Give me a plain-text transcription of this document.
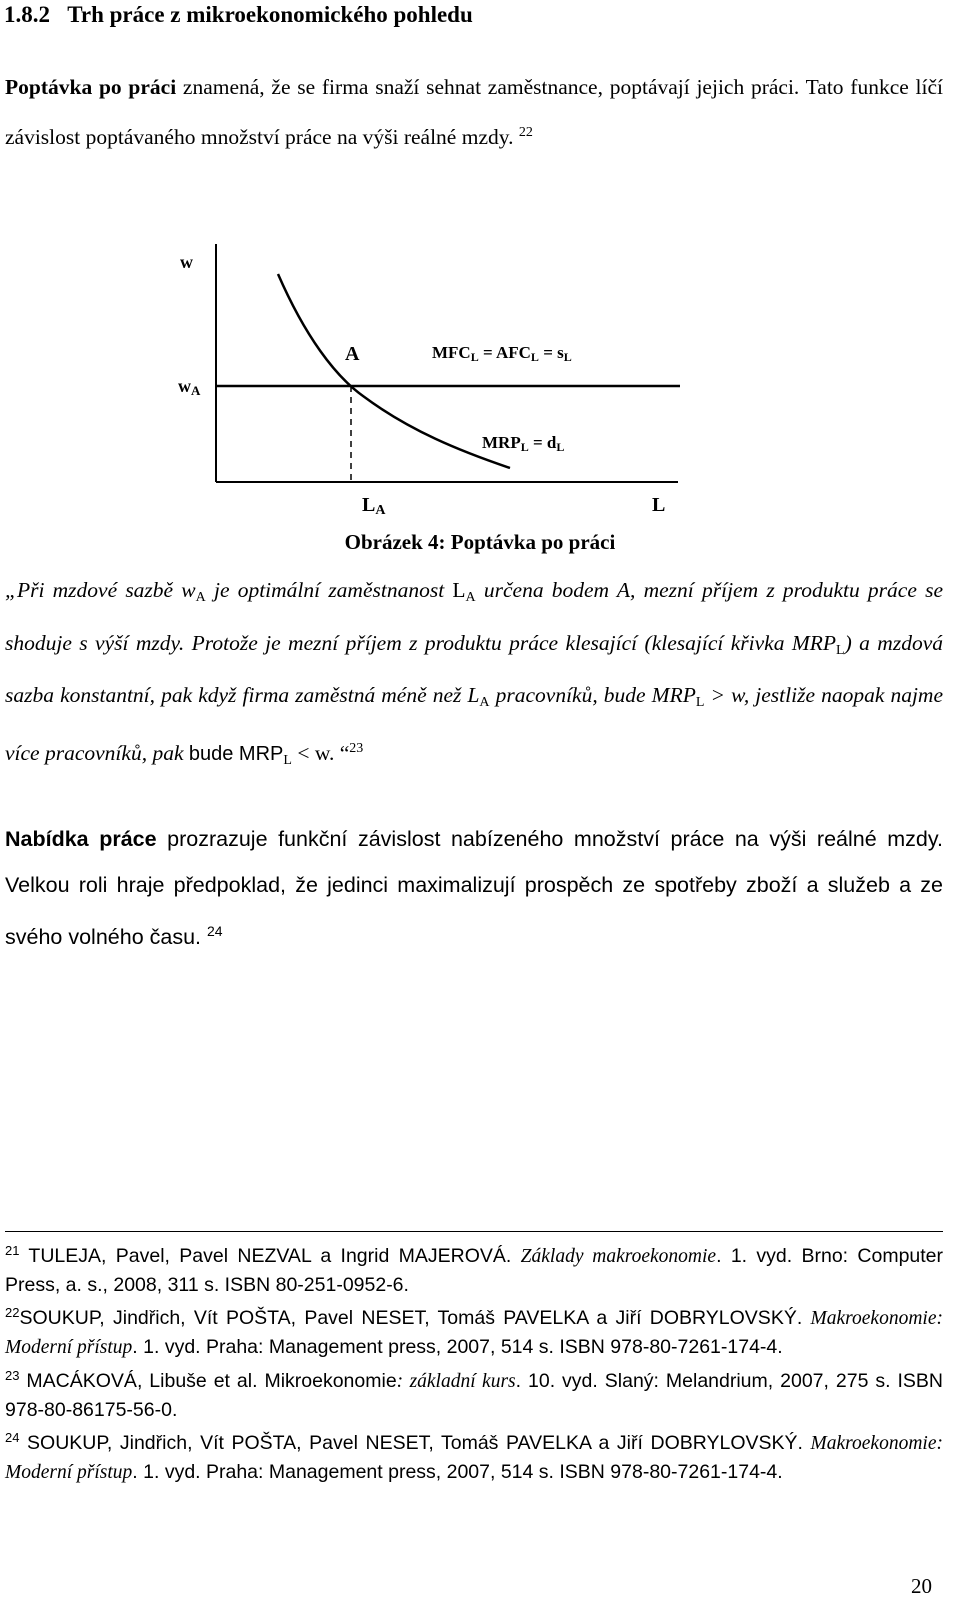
1.8.2 Trh práce z mikroekonomického pohledu
Poptávka po práci znamená, že se firma snaží sehnat zaměstnance, poptávají jejich práci. Tato funkce líčí závislost poptávaného množství práce na výši reálné mzdy. $^{22}$
w
wA
A	MFCL = AFCL = sL
MRPL = dL
LA	L
Obrázek 4: Poptávka po práci
„Při mzdové sazbě $w_A$ je optimální zaměstnanost $L_A$ určena bodem A, mezní příjem z produktu práce se shoduje s výší mzdy. Protože je mezní příjem z produktu práce klesající (klesající křivka $MRP_L$) a mzdová sazba konstantní, pak když firma zaměstná méně než $L_A$ pracovníků, bude $MRP_L > w$, jestliže naopak najme více pracovníků, pak bude $MRP_L < w$. “$^{23}$
Nabídka práce prozrazuje funkční závislost nabízeného množství práce na výši reálné mzdy. Velkou roli hraje předpoklad, že jedinci maximalizují prospěch ze spotřeby zboží a služeb a ze svého volného času. $^{24}$
$^{21}$ TULEJA, Pavel, Pavel NEZVAL a Ingrid MAJEROVÁ. Základy makroekonomie. 1. vyd. Brno: Computer Press, a. s., 2008, 311 s. ISBN 80-251-0952-6.
$^{22}$SOUKUP, Jindřich, Vít POŠTA, Pavel NESET, Tomáš PAVELKA a Jiří DOBRYLOVSKÝ. Makroekonomie: Moderní přístup. 1. vyd. Praha: Management press, 2007, 514 s. ISBN 978-80-7261-174-4.
$^{23}$ MACÁKOVÁ, Libuše et al. Mikroekonomie: základní kurs. 10. vyd. Slaný: Melandrium, 2007, 275 s. ISBN 978-80-86175-56-0.
$^{24}$ SOUKUP, Jindřich, Vít POŠTA, Pavel NESET, Tomáš PAVELKA a Jiří DOBRYLOVSKÝ. Makroekonomie: Moderní přístup. 1. vyd. Praha: Management press, 2007, 514 s. ISBN 978-80-7261-174-4.
20
